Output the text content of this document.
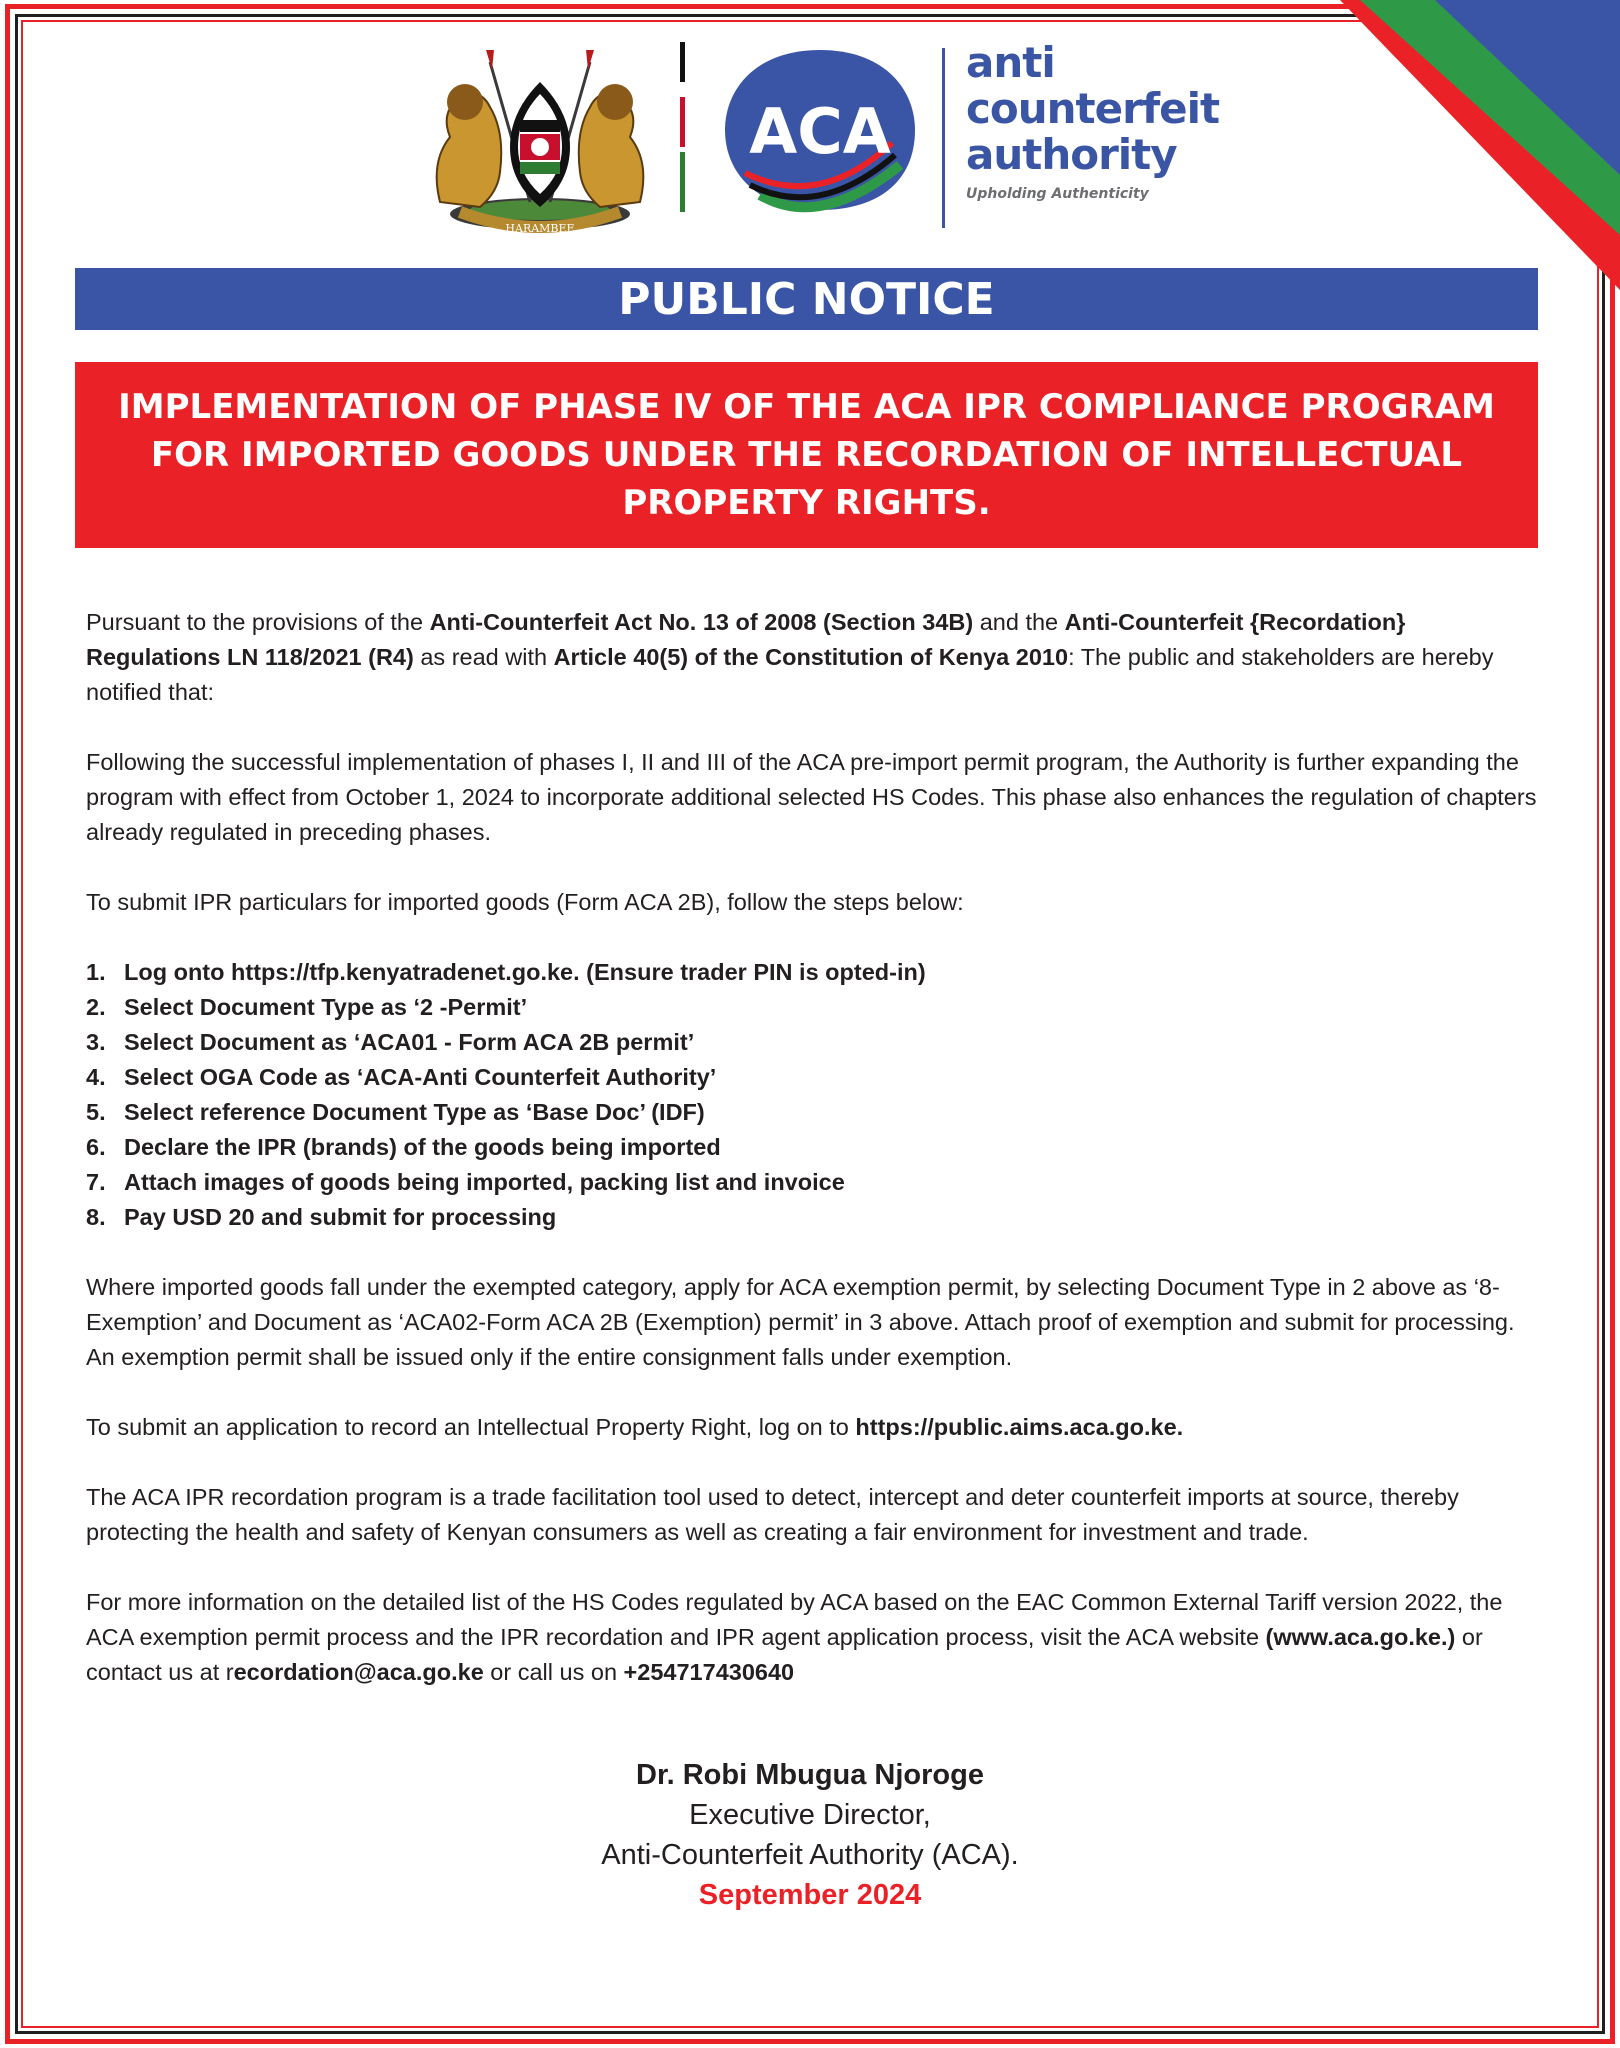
HARAMBEE
ACA
anti
counterfeit
authority
Upholding Authenticity
PUBLIC NOTICE
IMPLEMENTATION OF PHASE IV OF THE ACA IPR COMPLIANCE PROGRAM FOR IMPORTED GOODS UNDER THE RECORDATION OF INTELLECTUAL PROPERTY RIGHTS.

Pursuant to the provisions of the Anti-Counterfeit Act No. 13 of 2008 (Section 34B) and the Anti-Counterfeit {Recordation} Regulations LN 118/2021 (R4) as read with Article 40(5) of the Constitution of Kenya 2010: The public and stakeholders are hereby notified that:

Following the successful implementation of phases I, II and III of the ACA pre-import permit program, the Authority is further expanding the program with effect from October 1, 2024 to incorporate additional selected HS Codes. This phase also enhances the regulation of chapters already regulated in preceding phases.

To submit IPR particulars for imported goods (Form ACA 2B), follow the steps below:

1. Log onto https://tfp.kenyatradenet.go.ke. (Ensure trader PIN is opted-in)
2. Select Document Type as ‘2 -Permit’
3. Select Document as ‘ACA01 - Form ACA 2B permit’
4. Select OGA Code as ‘ACA-Anti Counterfeit Authority’
5. Select reference Document Type as ‘Base Doc’ (IDF)
6. Declare the IPR (brands) of the goods being imported
7. Attach images of goods being imported, packing list and invoice
8. Pay USD 20 and submit for processing

Where imported goods fall under the exempted category, apply for ACA exemption permit, by selecting Document Type in 2 above as ‘8-Exemption’ and Document as ‘ACA02-Form ACA 2B (Exemption) permit’ in 3 above. Attach proof of exemption and submit for processing. An exemption permit shall be issued only if the entire consignment falls under exemption.

To submit an application to record an Intellectual Property Right, log on to https://public.aims.aca.go.ke.

The ACA IPR recordation program is a trade facilitation tool used to detect, intercept and deter counterfeit imports at source, thereby protecting the health and safety of Kenyan consumers as well as creating a fair environment for investment and trade.

For more information on the detailed list of the HS Codes regulated by ACA based on the EAC Common External Tariff version 2022, the ACA exemption permit process and the IPR recordation and IPR agent application process, visit the ACA website (www.aca.go.ke.) or contact us at recordation@aca.go.ke or call us on +254717430640

Dr. Robi Mbugua Njoroge
Executive Director,
Anti-Counterfeit Authority (ACA).
September 2024
